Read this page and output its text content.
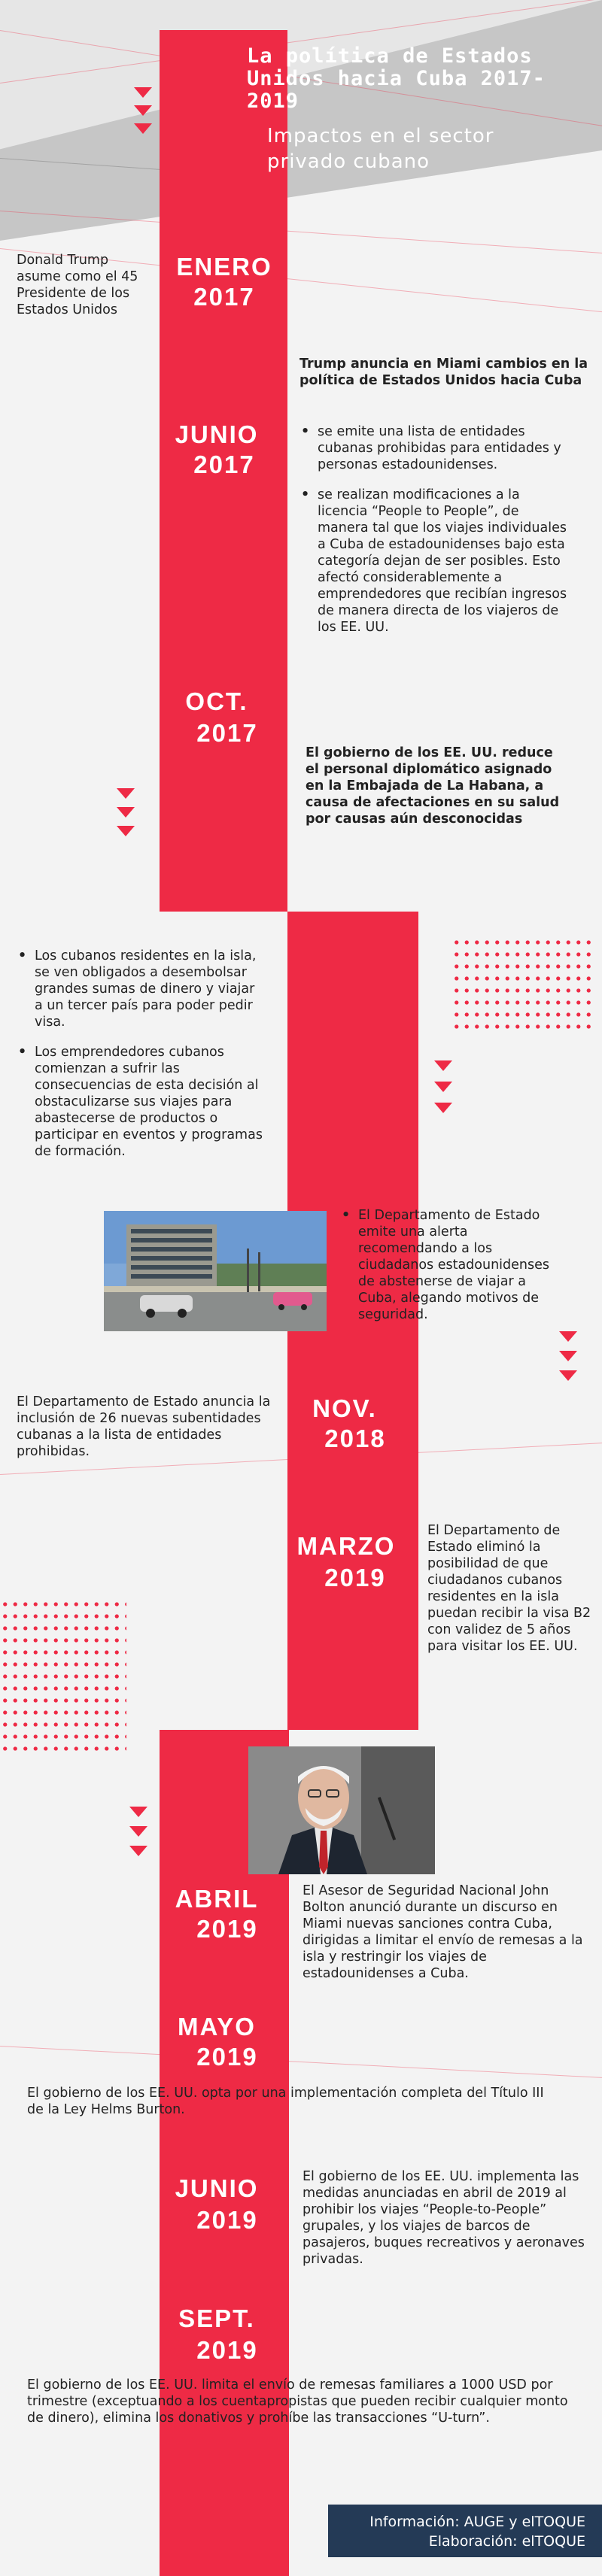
La política de Estados Unidos hacia Cuba 2017-2019
Impactos en el sector privado cubano
Donald Trump asume como el 45 Presidente de los Estados Unidos
ENERO
2017
JUNIO
2017
Trump anuncia en Miami cambios en la política de Estados Unidos hacia Cuba
• se emite una lista de entidades cubanas prohibidas para entidades y personas estadounidenses.
• se realizan modificaciones a la licencia “People to People”, de manera tal que los viajes individuales a Cuba de estadounidenses bajo esta categoría dejan de ser posibles. Esto afectó considerablemente a emprendedores que recibían ingresos de manera directa de los viajeros de los EE. UU.
OCT.
2017
El gobierno de los EE. UU. reduce el personal diplomático asignado en la Embajada de La Habana, a causa de afectaciones en su salud por causas aún desconocidas
• Los cubanos residentes en la isla, se ven obligados a desembolsar grandes sumas de dinero y viajar a un tercer país para poder pedir visa.
• Los emprendedores cubanos comienzan a sufrir las consecuencias de esta decisión al obstaculizarse sus viajes para abastecerse de productos o participar en eventos y programas de formación.
• El Departamento de Estado emite una alerta recomendando a los ciudadanos estadounidenses de abstenerse de viajar a Cuba, alegando motivos de seguridad.
El Departamento de Estado anuncia la inclusión de 26 nuevas subentidades cubanas a la lista de entidades prohibidas.
NOV.
2018
MARZO
2019
El Departamento de Estado eliminó la posibilidad de que ciudadanos cubanos residentes en la isla puedan recibir la visa B2 con validez de 5 años para visitar los EE. UU.
ABRIL
2019
El Asesor de Seguridad Nacional John Bolton anunció durante un discurso en Miami nuevas sanciones contra Cuba, dirigidas a limitar el envío de remesas a la isla y restringir los viajes de estadounidenses a Cuba.
MAYO
2019
El gobierno de los EE. UU. opta por una implementación completa del Título III de la Ley Helms Burton.
JUNIO
2019
El gobierno de los EE. UU. implementa las medidas anunciadas en abril de 2019 al prohibir los viajes “People-to-People” grupales, y los viajes de barcos de pasajeros, buques recreativos y aeronaves privadas.
SEPT.
2019
El gobierno de los EE. UU. limita el envío de remesas familiares a 1000 USD por trimestre (exceptuando a los cuentapropistas que pueden recibir cualquier monto de dinero), elimina los donativos y prohíbe las transacciones “U-turn”.
Información: AUGE y elTOQUE
Elaboración: elTOQUE
